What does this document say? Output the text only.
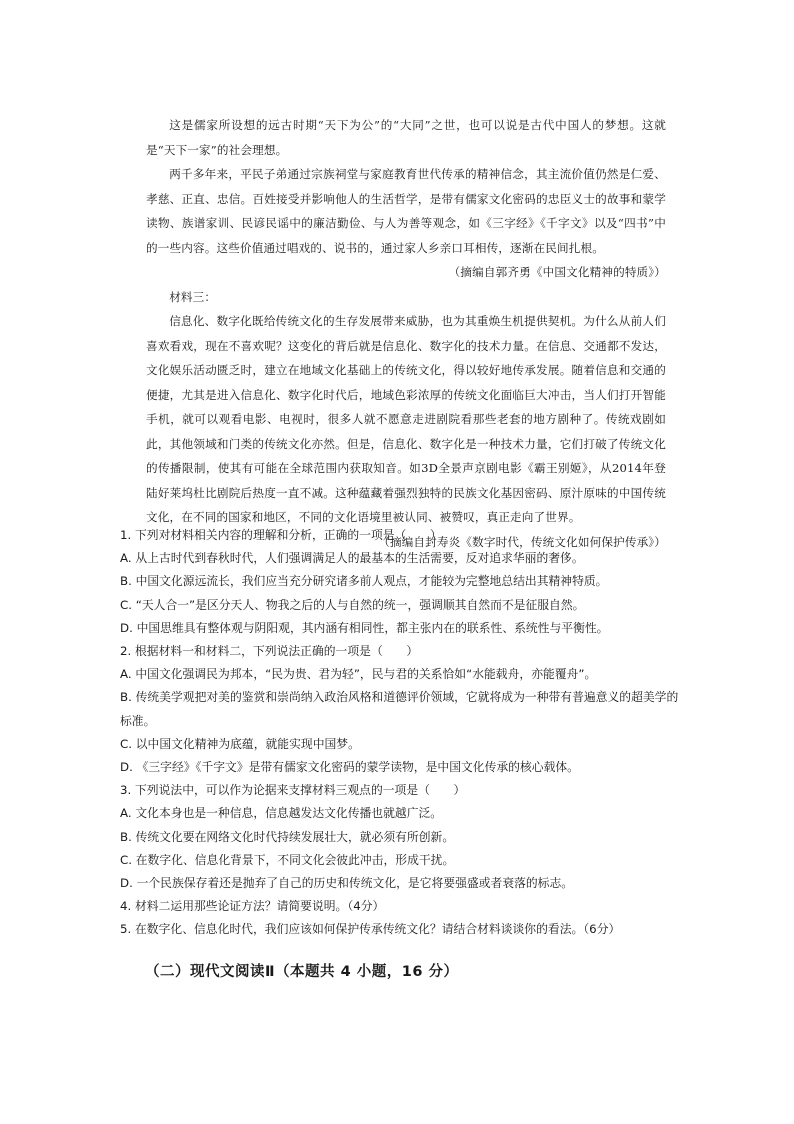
这是儒家所设想的远古时期“天下为公”的“大同”之世，也可以说是古代中国人的梦想。这就是“天下一家”的社会理想。

两千多年来，平民子弟通过宗族祠堂与家庭教育世代传承的精神信念，其主流价值仍然是仁爱、孝慈、正直、忠信。百姓接受并影响他人的生活哲学，是带有儒家文化密码的忠臣义士的故事和蒙学读物、族谱家训、民谚民谣中的廉洁勤俭、与人为善等观念，如《三字经》《千字文》以及“四书”中的一些内容。这些价值通过唱戏的、说书的，通过家人乡亲口耳相传，逐渐在民间扎根。

（摘编自郭齐勇《中国文化精神的特质》）

材料三：

信息化、数字化既给传统文化的生存发展带来威胁，也为其重焕生机提供契机。为什么从前人们喜欢看戏，现在不喜欢呢？这变化的背后就是信息化、数字化的技术力量。在信息、交通都不发达，文化娱乐活动匮乏时，建立在地域文化基础上的传统文化，得以较好地传承发展。随着信息和交通的便捷，尤其是进入信息化、数字化时代后，地域色彩浓厚的传统文化面临巨大冲击，当人们打开智能手机，就可以观看电影、电视时，很多人就不愿意走进剧院看那些老套的地方剧种了。传统戏剧如此，其他领域和门类的传统文化亦然。但是，信息化、数字化是一种技术力量，它们打破了传统文化的传播限制，使其有可能在全球范围内获取知音。如3D全景声京剧电影《霸王别姬》，从2014年登陆好莱坞杜比剧院后热度一直不减。这种蕴藏着强烈独特的民族文化基因密码、原汁原味的中国传统文化，在不同的国家和地区，不同的文化语境里被认同、被赞叹，真正走向了世界。

（摘编自封寿炎《数字时代，传统文化如何保护传承》）

1. 下列对材料相关内容的理解和分析，正确的一项是（　　）

A. 从上古时代到春秋时代，人们强调满足人的最基本的生活需要，反对追求华丽的奢侈。

B. 中国文化源远流长，我们应当充分研究诸多前人观点，才能较为完整地总结出其精神特质。

C. “天人合一”是区分天人、物我之后的人与自然的统一，强调顺其自然而不是征服自然。

D. 中国思维具有整体观与阴阳观，其内涵有相同性，都主张内在的联系性、系统性与平衡性。

2. 根据材料一和材料二，下列说法正确的一项是（　　）

A. 中国文化强调民为邦本，“民为贵、君为轻”，民与君的关系恰如“水能载舟，亦能覆舟”。

B. 传统美学观把对美的鉴赏和崇尚纳入政治风格和道德评价领域，它就将成为一种带有普遍意义的超美学的标准。

C. 以中国文化精神为底蕴，就能实现中国梦。

D. 《三字经》《千字文》是带有儒家文化密码的蒙学读物，是中国文化传承的核心载体。

3. 下列说法中，可以作为论据来支撑材料三观点的一项是（　　）

A. 文化本身也是一种信息，信息越发达文化传播也就越广泛。

B. 传统文化要在网络文化时代持续发展壮大，就必须有所创新。

C. 在数字化、信息化背景下，不同文化会彼此冲击，形成干扰。

D. 一个民族保存着还是抛弃了自己的历史和传统文化，是它将要强盛或者衰落的标志。

4. 材料二运用那些论证方法？请简要说明。（4分）

5. 在数字化、信息化时代，我们应该如何保护传承传统文化？请结合材料谈谈你的看法。（6分）

（二）现代文阅读Ⅱ（本题共 4 小题，16 分）
